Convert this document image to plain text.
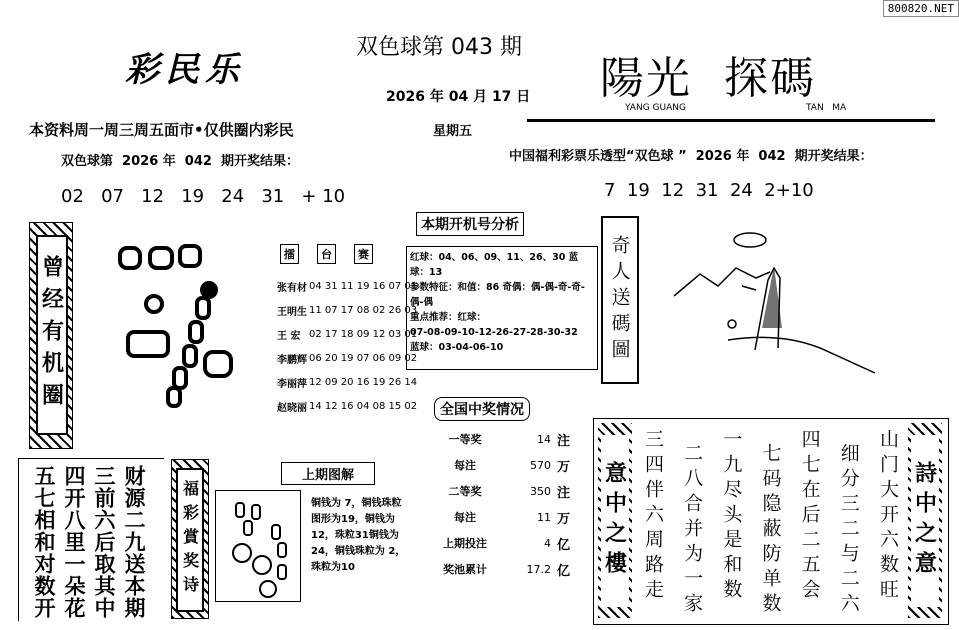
800820.NET
彩民乐
双色球第 043 期
2026 年 04 月 17 日 陽光  探碼
YANG GUANG	TAN   MA
本资料周一周三周五面市•仅供圈内彩民	星期五
双色球第  2026 年  042  期开奖结果：
02   07   12   19   24   31   + 10
中国福利彩票乐透型“双色球 ”  2026 年  042  期开奖结果：
7  19  12  31  24  2+10
曾经有机圈
擂	台	赛
张有材	04 31 11 19 16 07 01
王明生	11 07 17 08 02 26 03
王 宏	02 17 18 09 12 03 01
李鹏辉	06 20 19 07 06 09 02
李丽萍	12 09 20 16 19 26 14
赵晓丽	14 12 16 04 08 15 02
本期开机号分析
红球：04、06、09、11、26、30 蓝球：13
参数特征：和值：86 奇偶：偶-偶-奇-奇-偶-偶
重点推荐：红球：
07-08-09-10-12-26-27-28-30-32
蓝球：03-04-06-10	奇人送碼圖
全国中奖情况
一等奖	14	注
每注	570	万
二等奖	350	注
每注	11	万
上期投注	4	亿
奖池累计	17.2	亿
上期图解
铜钱为 7，铜钱珠粒图形为19，铜钱为12，珠粒31铜钱为24，铜钱珠粒为 2，珠粒为10
福彩賞奖诗
财源二九送本期
三前六后取其中
四开八里一朵花
五七相和对数开	意中之樓	詩中之意
山门大开六数旺
细分三二与二六
四七在后二五会
七码隐蔽防单数
一九尽头是和数
二八合并为一家
三四伴六周路走
